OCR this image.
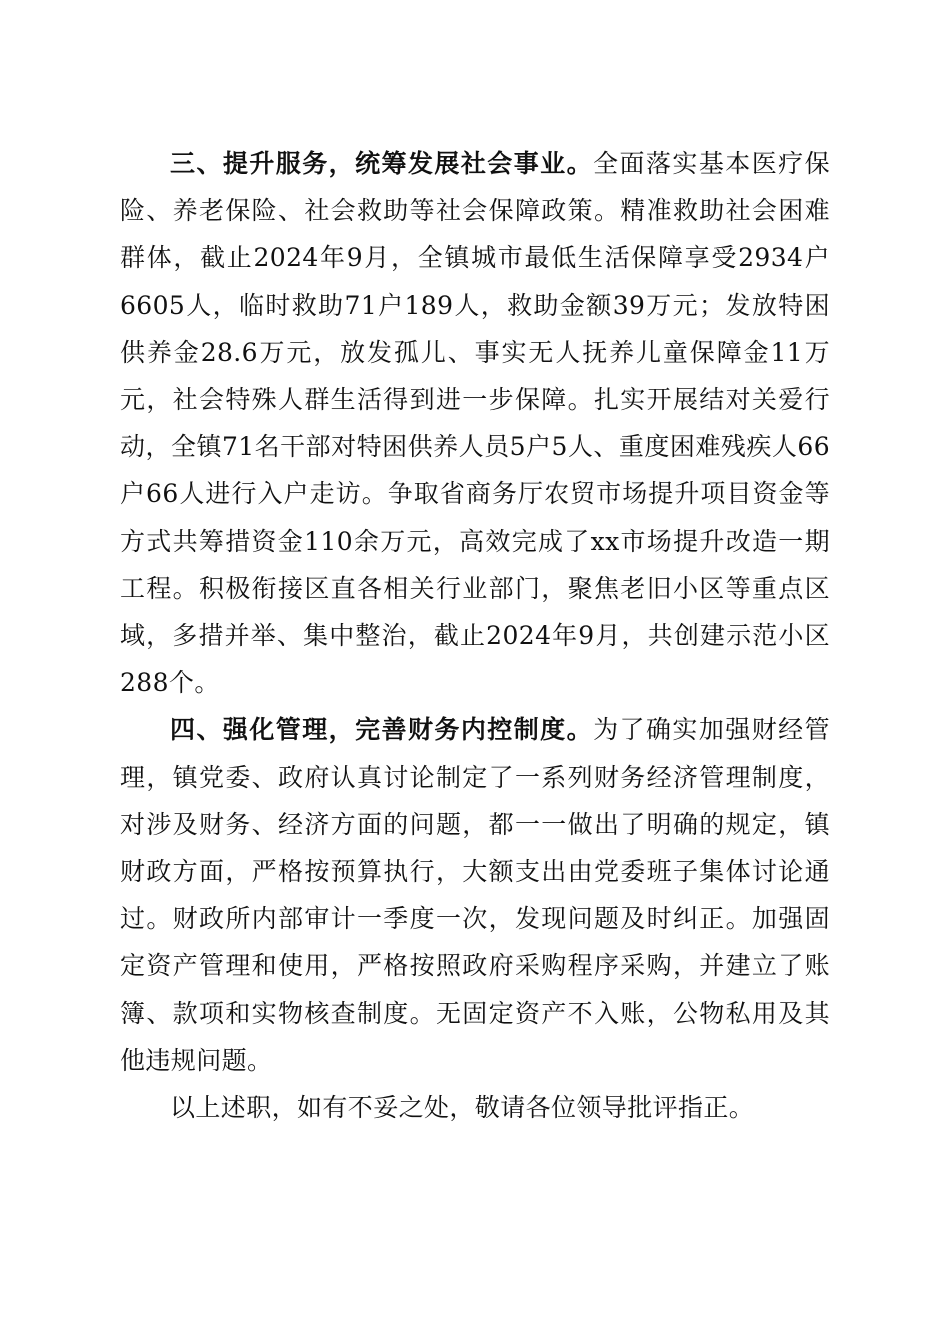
三、提升服务，统筹发展社会事业。全面落实基本医疗保险、养老保险、社会救助等社会保障政策。精准救助社会困难群体，截止2024年9月，全镇城市最低生活保障享受2934户6605人，临时救助71户189人，救助金额39万元；发放特困供养金28.6万元，放发孤儿、事实无人抚养儿童保障金11万元，社会特殊人群生活得到进一步保障。扎实开展结对关爱行动，全镇71名干部对特困供养人员5户5人、重度困难残疾人66户66人进行入户走访。争取省商务厅农贸市场提升项目资金等方式共筹措资金110余万元，高效完成了xx市场提升改造一期工程。积极衔接区直各相关行业部门，聚焦老旧小区等重点区域，多措并举、集中整治，截止2024年9月，共创建示范小区288个。

四、强化管理，完善财务内控制度。为了确实加强财经管理，镇党委、政府认真讨论制定了一系列财务经济管理制度，对涉及财务、经济方面的问题，都一一做出了明确的规定，镇财政方面，严格按预算执行，大额支出由党委班子集体讨论通过。财政所内部审计一季度一次，发现问题及时纠正。加强固定资产管理和使用，严格按照政府采购程序采购，并建立了账簿、款项和实物核查制度。无固定资产不入账，公物私用及其他违规问题。

以上述职，如有不妥之处，敬请各位领导批评指正。
